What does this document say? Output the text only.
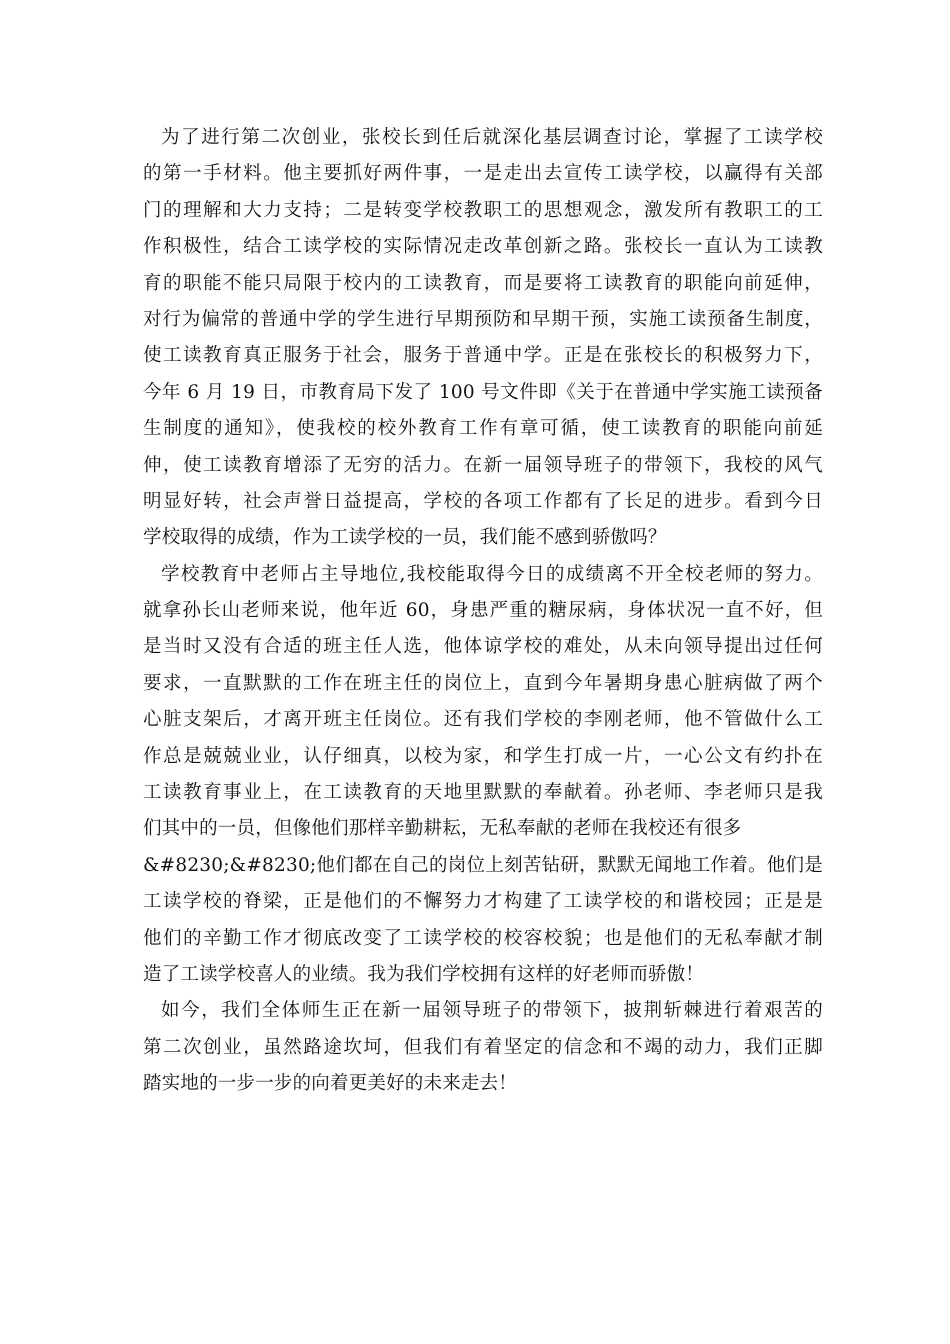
为了进行第二次创业，张校长到任后就深化基层调查讨论，掌握了工读学校
的第一手材料。他主要抓好两件事，一是走出去宣传工读学校，以赢得有关部
门的理解和大力支持；二是转变学校教职工的思想观念，激发所有教职工的工
作积极性，结合工读学校的实际情况走改革创新之路。张校长一直认为工读教
育的职能不能只局限于校内的工读教育，而是要将工读教育的职能向前延伸，
对行为偏常的普通中学的学生进行早期预防和早期干预，实施工读预备生制度，
使工读教育真正服务于社会，服务于普通中学。正是在张校长的积极努力下，
今年 6 月 19 日，市教育局下发了 100 号文件即《关于在普通中学实施工读预备
生制度的通知》，使我校的校外教育工作有章可循，使工读教育的职能向前延
伸，使工读教育增添了无穷的活力。在新一届领导班子的带领下，我校的风气
明显好转，社会声誉日益提高，学校的各项工作都有了长足的进步。看到今日
学校取得的成绩，作为工读学校的一员，我们能不感到骄傲吗？
学校教育中老师占主导地位,我校能取得今日的成绩离不开全校老师的努力。
就拿孙长山老师来说，他年近 60，身患严重的糖尿病，身体状况一直不好，但
是当时又没有合适的班主任人选，他体谅学校的难处，从未向领导提出过任何
要求，一直默默的工作在班主任的岗位上，直到今年暑期身患心脏病做了两个
心脏支架后，才离开班主任岗位。还有我们学校的李刚老师，他不管做什么工
作总是兢兢业业，认仔细真，以校为家，和学生打成一片，一心公文有约扑在
工读教育事业上，在工读教育的天地里默默的奉献着。孙老师、李老师只是我
们其中的一员，但像他们那样辛勤耕耘，无私奉献的老师在我校还有很多
&#8230;&#8230;他们都在自己的岗位上刻苦钻研，默默无闻地工作着。他们是
工读学校的脊梁，正是他们的不懈努力才构建了工读学校的和谐校园；正是是
他们的辛勤工作才彻底改变了工读学校的校容校貌；也是他们的无私奉献才制
造了工读学校喜人的业绩。我为我们学校拥有这样的好老师而骄傲！
如今，我们全体师生正在新一届领导班子的带领下，披荆斩棘进行着艰苦的
第二次创业，虽然路途坎坷，但我们有着坚定的信念和不竭的动力，我们正脚
踏实地的一步一步的向着更美好的未来走去！
